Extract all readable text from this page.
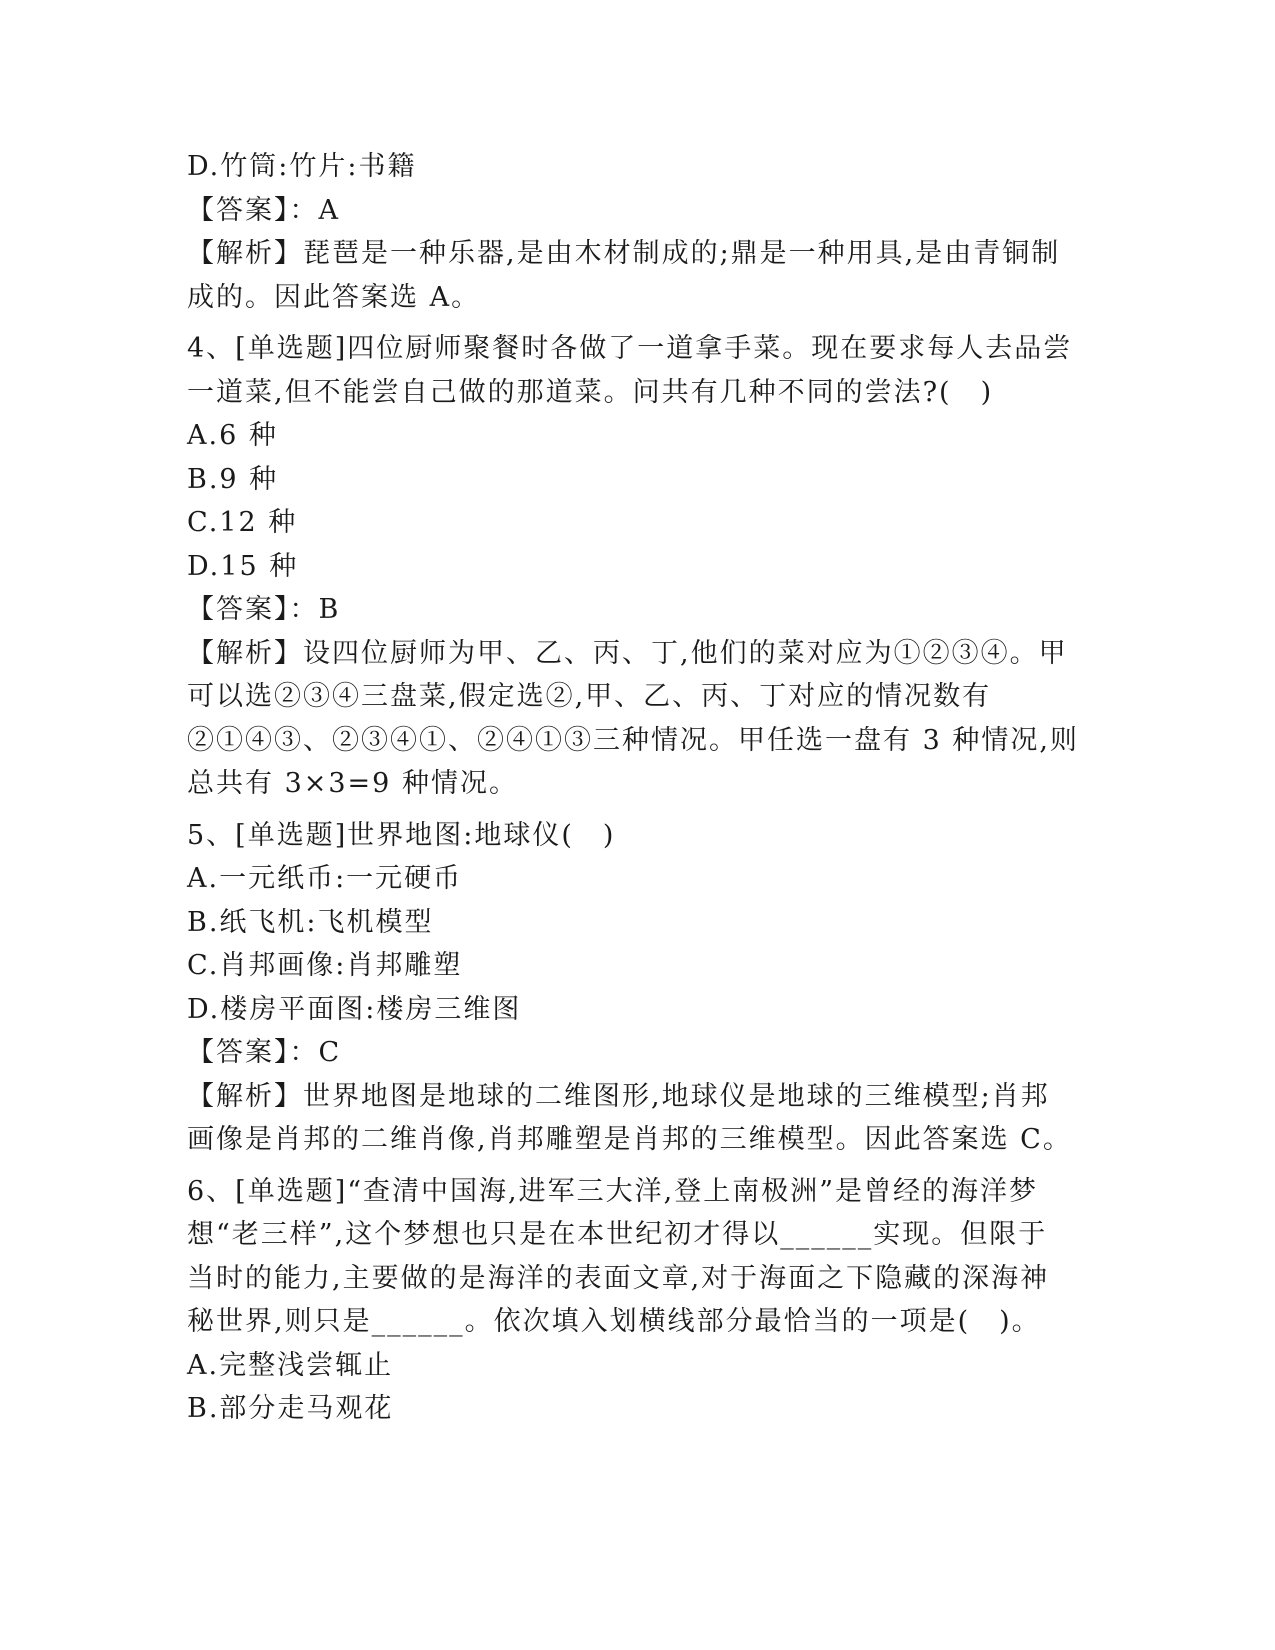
D.竹筒:竹片:书籍
【答案】：A
【解析】琵琶是一种乐器,是由木材制成的;鼎是一种用具,是由青铜制
成的。因此答案选 A。
4、[单选题]四位厨师聚餐时各做了一道拿手菜。现在要求每人去品尝
一道菜,但不能尝自己做的那道菜。问共有几种不同的尝法?(　)
A.6 种
B.9 种
C.12 种
D.15 种
【答案】：B
【解析】设四位厨师为甲、乙、丙、丁,他们的菜对应为①②③④。甲
可以选②③④三盘菜,假定选②,甲、乙、丙、丁对应的情况数有
②①④③、②③④①、②④①③三种情况。甲任选一盘有 3 种情况,则
总共有 3×3=9 种情况。
5、[单选题]世界地图:地球仪(　)
A.一元纸币:一元硬币
B.纸飞机:飞机模型
C.肖邦画像:肖邦雕塑
D.楼房平面图:楼房三维图
【答案】：C
【解析】世界地图是地球的二维图形,地球仪是地球的三维模型;肖邦
画像是肖邦的二维肖像,肖邦雕塑是肖邦的三维模型。因此答案选 C。
6、[单选题]“查清中国海,进军三大洋,登上南极洲”是曾经的海洋梦
想“老三样”,这个梦想也只是在本世纪初才得以______实现。但限于
当时的能力,主要做的是海洋的表面文章,对于海面之下隐藏的深海神
秘世界,则只是______。依次填入划横线部分最恰当的一项是(　)。
A.完整浅尝辄止
B.部分走马观花
